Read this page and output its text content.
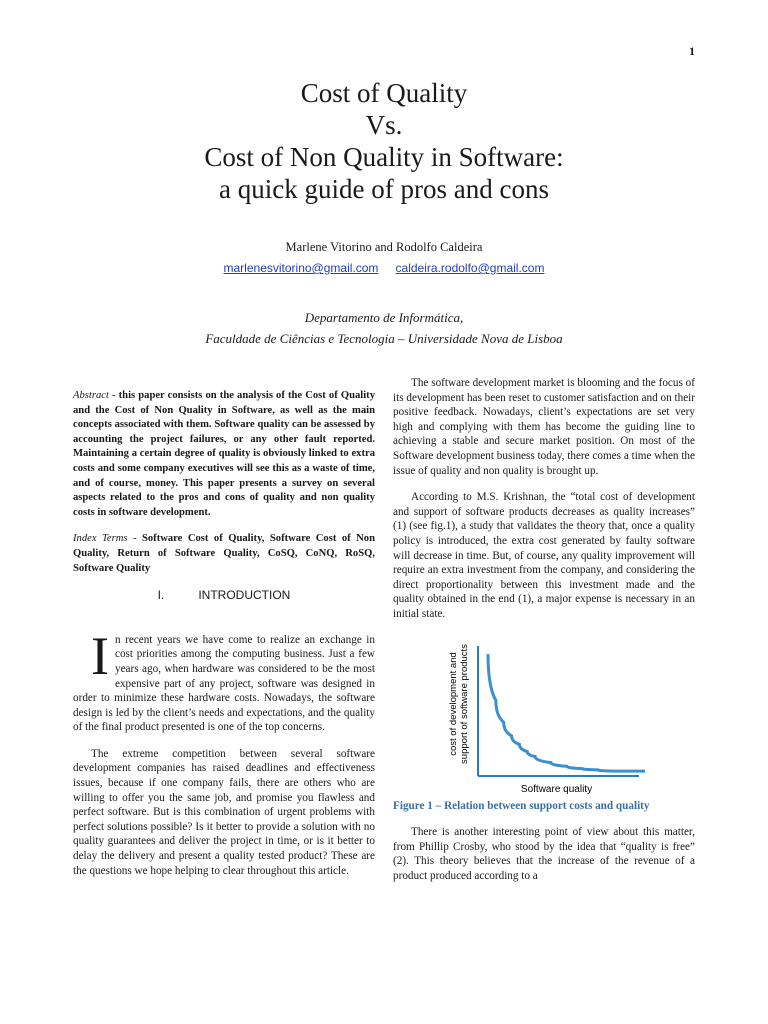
1

Cost of Quality

Vs.

Cost of Non Quality in Software:

a quick guide of pros and cons

Marlene Vitorino and Rodolfo Caldeira
marlenesvitorino@gmail.com caldeira.rodolfo@gmail.com
Departamento de Informática,
Faculdade de Ciências e Tecnologia – Universidade Nova de Lisboa

Abstract - this paper consists on the analysis of the Cost of Quality and the Cost of Non Quality in Software, as well as the main concepts associated with them. Software quality can be assessed by accounting the project failures, or any other fault reported. Maintaining a certain degree of quality is obviously linked to extra costs and some company executives will see this as a waste of time, and of course, money. This paper presents a survey on several aspects related to the pros and cons of quality and non quality costs in software development.

Index Terms - Software Cost of Quality, Software Cost of Non Quality, Return of Software Quality, CoSQ, CoNQ, RoSQ, Software Quality

I.	INTRODUCTION

In recent years we have come to realize an exchange in cost priorities among the computing business. Just a few years ago, when hardware was considered to be the most expensive part of any project, software was designed in order to minimize these hardware costs. Nowadays, the software design is led by the client’s needs and expectations, and the quality of the final product presented is one of the top concerns.

The extreme competition between several software development companies has raised deadlines and effectiveness issues, because if one company fails, there are others who are willing to offer you the same job, and promise you flawless and perfect software. But is this combination of urgent problems with perfect solutions possible? Is it better to provide a solution with no quality guarantees and deliver the project in time, or is it better to delay the delivery and present a quality tested product? These are the questions we hope helping to clear throughout this article.

The software development market is blooming and the focus of its development has been reset to customer satisfaction and on their positive feedback. Nowadays, client’s expectations are set very high and complying with them has become the guiding line to achieving a stable and secure market position. On most of the Software development business today, there comes a time when the issue of quality and non quality is brought up.

According to M.S. Krishnan, the “total cost of development and support of software products decreases as quality increases” (1) (see fig.1), a study that validates the theory that, once a quality policy is introduced, the extra cost generated by faulty software will decrease in time. But, of course, any quality improvement will require an extra investment from the company, and considering the direct proportionality between this investment made and the quality obtained in the end (1), a major expense is necessary in an initial state.

Software quality
cost of development and support of software products

Figure 1 – Relation between support costs and quality

There is another interesting point of view about this matter, from Phillip Crosby, who stood by the idea that “quality is free” (2). This theory believes that the increase of the revenue of a product produced according to a
